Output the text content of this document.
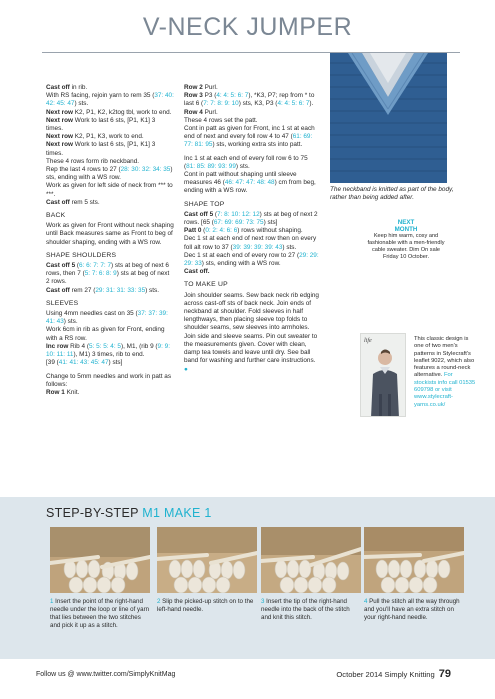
V-NECK JUMPER

Cast off in rib.
With RS facing, rejoin yarn to rem 35 (37: 40: 42: 45: 47) sts.
Next row K2, P1, K2, k2tog tbl, work to end.
Next row Work to last 6 sts, [P1, K1] 3 times.
Next row K2, P1, K3, work to end.
Next row Work to last 6 sts, [P1, K1] 3 times.
These 4 rows form rib neckband.
Rep the last 4 rows to 27 (28: 30: 32: 34: 35) sts, ending with a WS row.
Work as given for left side of neck from *** to ***.
Cast off rem 5 sts.

BACK

Work as given for Front without neck shaping until Back measures same as Front to beg of shoulder shaping, ending with a WS row.

SHAPE SHOULDERS

Cast off 5 (6: 6: 7: 7: 7) sts at beg of next 6 rows, then 7 (5: 7: 6: 8: 9) sts at beg of next 2 rows.
Cast off rem 27 (29: 31: 31: 33: 35) sts.

SLEEVES

Using 4mm needles cast on 35 (37: 37: 39: 41: 43) sts.
Work 6cm in rib as given for Front, ending with a RS row.
Inc row Rib 4 (5: 5: 5: 4: 5), M1, (rib 9 (9: 9: 10: 11: 11), M1) 3 times, rib to end.
[39 (41: 41: 43: 45: 47) sts]

Change to 5mm needles and work in patt as follows:
Row 1 Knit.

Row 2 Purl.
Row 3 P3 (4: 4: 5: 6: 7), *K3, P7; rep from * to last 6 (7: 7: 8: 9: 10) sts, K3, P3 (4: 4: 5: 6: 7).
Row 4 Purl.
These 4 rows set the patt.
Cont in patt as given for Front, inc 1 st at each end of next and every foll row 4 to 47 (61: 69: 77: 81: 95) sts, working extra sts into patt.

Inc 1 st at each end of every foll row 6 to 75 (81: 85: 89: 93: 99) sts.
Cont in patt without shaping until sleeve measures 46 (46: 47: 47: 48: 48) cm from beg, ending with a WS row.

SHAPE TOP

Cast off 5 (7: 8: 10: 12: 12) sts at beg of next 2 rows. [65 (67: 69: 69: 73: 75) sts]
Patt 0 (0: 2: 4: 6: 6) rows without shaping.
Dec 1 st at each end of next row then on every foll alt row to 37 (39: 39: 39: 39: 43) sts.
Dec 1 st at each end of every row to 27 (29: 29: 29: 33) sts, ending with a WS row.
Cast off.

TO MAKE UP

Join shoulder seams. Sew back neck rib edging across cast-off sts of back neck. Join ends of neckband at shoulder. Fold sleeves in half lengthways, then placing sleeve top folds to shoulder seams, sew sleeves into armholes. Join side and sleeve seams. Pin out sweater to the measurements given. Cover with clean, damp tea towels and leave until dry. See ball band for washing and further care instructions. ●

The neckband is knitted as part of the body, rather than being added after.
NEXT
MONTH
Keep him warm, cosy and fashionable with a men-friendly cable sweater. Dim On sale Friday 10 October.
life	This classic design is one of two men's patterns in Stylecraft's leaflet 9022, which also features a round-neck alternative. For stockists info call 01535 609798 or visit www.stylecraft-yarns.co.uk/
STEP-BY-STEP M1 MAKE 1
1 Insert the point of the right-hand needle under the loop or line of yarn that lies between the two stitches and pick it up as a stitch.
2 Slip the picked-up stitch on to the left-hand needle.
3 Insert the tip of the right-hand needle into the back of the stitch and knit this stitch.
4 Pull the stitch all the way through and you'll have an extra stitch on your right-hand needle.
Follow us @ www.twitter.com/SimplyKnitMag	October 2014 Simply Knitting 79
